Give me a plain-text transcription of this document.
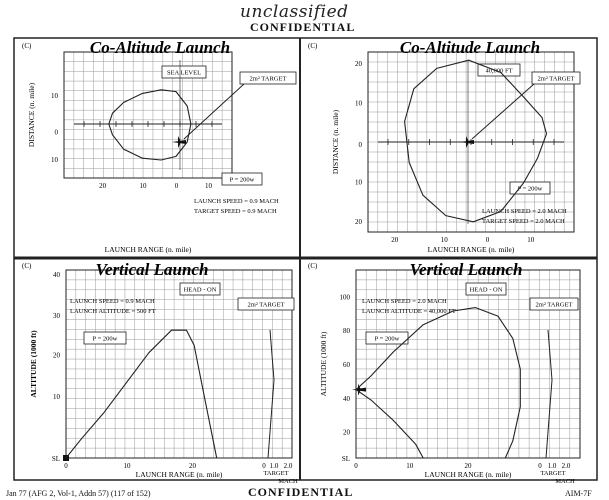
unclassified
CONFIDENTIAL
(C)	Co-Altitude Launch
LAUNCH RANGE (n. mile)
DISTANCE (n. mile)
20	10	0	10
10
0
10
SEA LEVEL
2m² TARGET
P = 200w
LAUNCH SPEED = 0.9 MACH
TARGET SPEED = 0.9 MACH
(C)	Co-Altitude Launch
LAUNCH RANGE (n. mile)
DISTANCE (n. mile)
20	10	0	10
20
10
0
10
20
40,000 FT
2m² TARGET
P = 200w
LAUNCH SPEED = 2.0 MACH
TARGET SPEED = 2.0 MACH
(C)	Vertical Launch
LAUNCH RANGE (n. mile)
ALTITUDE (1000 ft)
0	10	20
SL
10
20
30
40
0 1.0 2.0
TARGET MACH
HEAD - ON
2m² TARGET
P = 200w
LAUNCH SPEED = 0.9 MACH
LAUNCH ALTITUDE = 500 FT
(C)	Vertical Launch
LAUNCH RANGE (n. mile)
ALTITUDE (1000 ft)
0	10	20
SL
20
40
60
80
100
0 1.0 2.0
TARGET MACH
HEAD - ON
2m² TARGET
P = 200w
LAUNCH SPEED = 2.0 MACH
LAUNCH ALTITUDE = 40,000 FT
CONFIDENTIAL
Jan 77 (AFG 2, Vol-1, Addn 57) (117 of 152)	AIM-7F
